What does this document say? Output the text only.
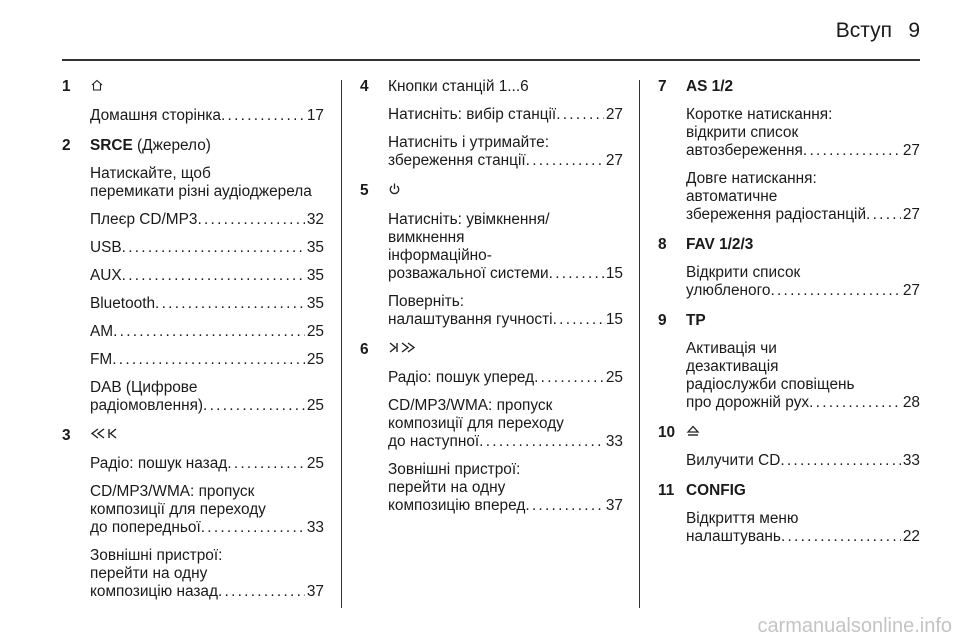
Вступ 9
1
Домашня сторінка . . .	17
2 SRCE (Джерело)
Натискайте, щоб
перемикати різні аудіоджерела
Плеєр CD/MP3 . . .	32
USB . . .	35
AUX . . .	35
Bluetooth . . .	35
AM . . .	25
FM . . .	25
DAB (Цифрове
радіомовлення) . . .	25
3
Радіо: пошук назад . . .	25
CD/MP3/WMA: пропуск
композиції для переходу
до попередньої . . .	33
Зовнішні пристрої:
перейти на одну
композицію назад . . .	37
4 Кнопки станцій 1...6
Натисніть: вибір станції . . .	27
Натисніть і утримайте:
збереження станції . . .	27
5
Натисніть: увімкнення/
вимкнення
інформаційно-
розважальної системи . . .	15
Поверніть:
налаштування гучності . . .	15
6
Радіо: пошук уперед . . .	25
CD/MP3/WMA: пропуск
композиції для переходу
до наступної . . .	33
Зовнішні пристрої:
перейти на одну
композицію вперед . . .	37
7 AS 1/2
Коротке натискання:
відкрити список
автозбереження . . .	27
Довге натискання:
автоматичне
збереження радіостанцій . . . 27
8 FAV 1/2/3
Відкрити список
улюбленого . . .	27
9 TP
Активація чи
дезактивація
радіослужби сповіщень
про дорожній рух . . .	28
10
Вилучити CD . . .	33
11 CONFIG
Відкриття меню
налаштувань . . .	22
carmanualsonline.info
